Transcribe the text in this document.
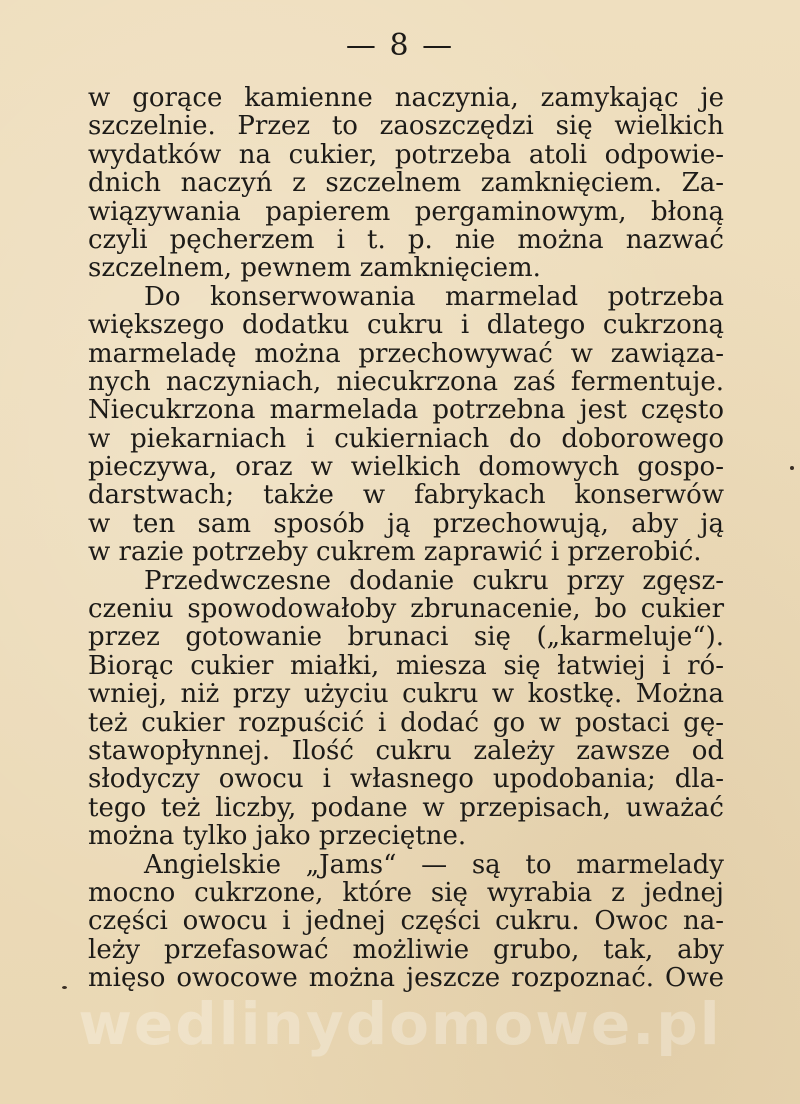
— 8 —
w gorące kamienne naczynia, zamykając je
szczelnie. Przez to zaoszczędzi się wielkich
wydatków na cukier, potrzeba atoli odpowie-
dnich naczyń z szczelnem zamknięciem. Za-
wiązywania papierem pergaminowym, błoną
czyli pęcherzem i t. p. nie można nazwać
szczelnem, pewnem zamknięciem.
Do konserwowania marmelad potrzeba
większego dodatku cukru i dlatego cukrzoną
marmeladę można przechowywać w zawiąza-
nych naczyniach, niecukrzona zaś fermentuje.
Niecukrzona marmelada potrzebna jest często
w piekarniach i cukierniach do doborowego
pieczywa, oraz w wielkich domowych gospo-
darstwach; także w fabrykach konserwów
w ten sam sposób ją przechowują, aby ją
w razie potrzeby cukrem zaprawić i przerobić.
Przedwczesne dodanie cukru przy zgęsz-
czeniu spowodowałoby zbrunacenie, bo cukier
przez gotowanie brunaci się („karmeluje“).
Biorąc cukier miałki, miesza się łatwiej i ró-
wniej, niż przy użyciu cukru w kostkę. Można
też cukier rozpuścić i dodać go w postaci gę-
stawopłynnej. Ilość cukru zależy zawsze od
słodyczy owocu i własnego upodobania; dla-
tego też liczby, podane w przepisach, uważać
można tylko jako przeciętne.
Angielskie „Jams“ — są to marmelady
mocno cukrzone, które się wyrabia z jednej
części owocu i jednej części cukru. Owoc na-
leży przefasować możliwie grubo, tak, aby
mięso owocowe można jeszcze rozpoznać. Owe
wedlinydomowe.pl
